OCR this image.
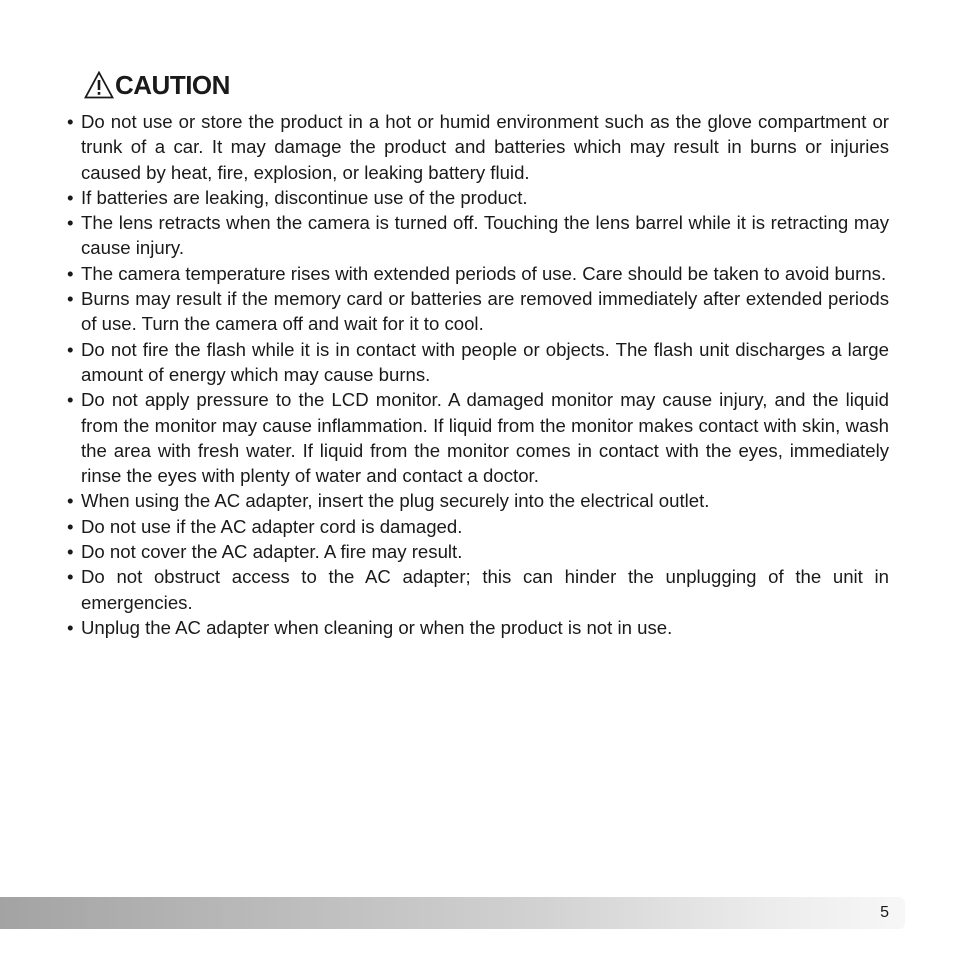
CAUTION
• Do not use or store the product in a hot or humid environment such as the glove compartment or trunk of a car. It may damage the product and batteries which may result in burns or injuries caused by heat, fire, explosion, or leaking battery fluid.
• If batteries are leaking, discontinue use of the product.
• The lens retracts when the camera is turned off. Touching the lens barrel while it is retracting may cause injury.
• The camera temperature rises with extended periods of use. Care should be taken to avoid burns.
• Burns may result if the memory card or batteries are removed immediately after extended periods of use. Turn the camera off and wait for it to cool.
• Do not fire the flash while it is in contact with people or objects. The flash unit discharges a large amount of energy which may cause burns.
• Do not apply pressure to the LCD monitor. A damaged monitor may cause injury, and the liquid from the monitor may cause inflammation. If liquid from the monitor makes contact with skin, wash the area with fresh water. If liquid from the monitor comes in contact with the eyes, immediately rinse the eyes with plenty of water and contact a doctor.
• When using the AC adapter, insert the plug securely into the electrical outlet.
• Do not use if the AC adapter cord is damaged.
• Do not cover the AC adapter. A fire may result.
• Do not obstruct access to the AC adapter; this can hinder the unplugging of the unit in emergencies.
• Unplug the AC adapter when cleaning or when the product is not in use.
5
